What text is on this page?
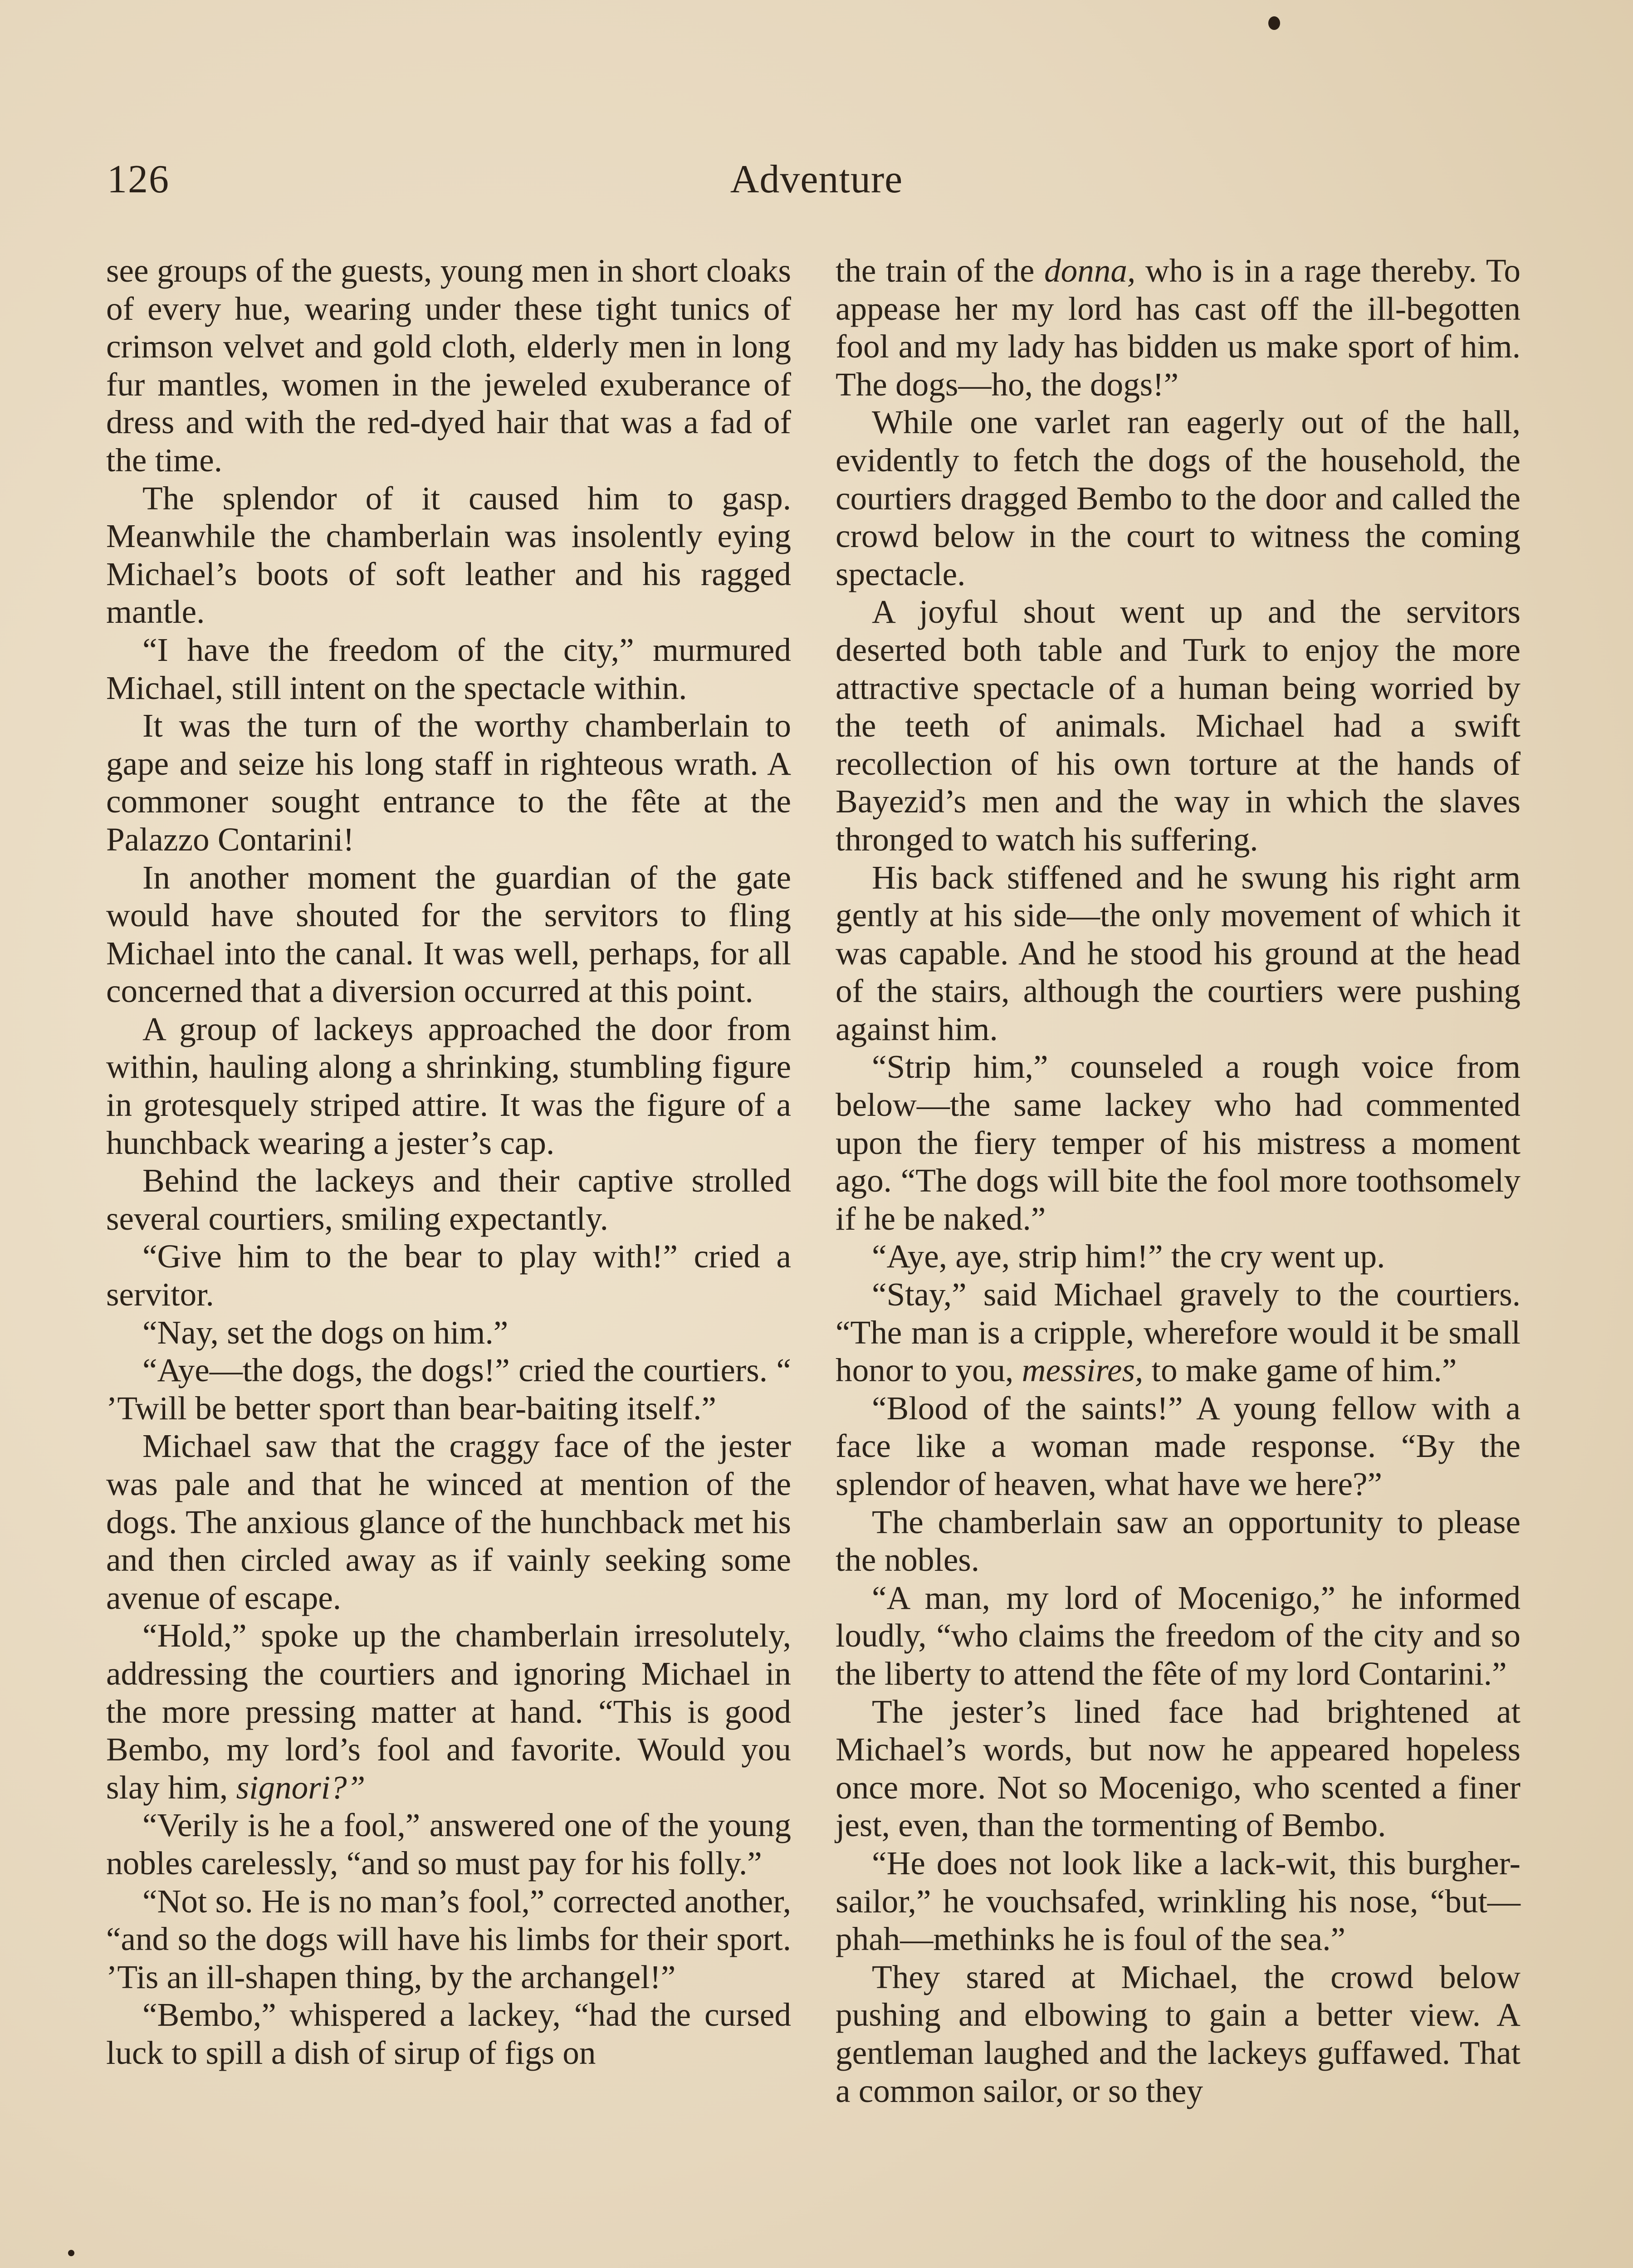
126	Adventure

see groups of the guests, young men in short cloaks of every hue, wearing under these tight tunics of crimson velvet and gold cloth, elderly men in long fur mantles, women in the jeweled exuberance of dress and with the red-dyed hair that was a fad of the time.

The splendor of it caused him to gasp. Meanwhile the chamberlain was insolently eying Michael’s boots of soft leather and his ragged mantle.

“I have the freedom of the city,” murmured Michael, still intent on the spectacle within.

It was the turn of the worthy chamberlain to gape and seize his long staff in righteous wrath. A commoner sought entrance to the fête at the Palazzo Contarini!

In another moment the guardian of the gate would have shouted for the servitors to fling Michael into the canal. It was well, perhaps, for all concerned that a diversion occurred at this point.

A group of lackeys approached the door from within, hauling along a shrinking, stumbling figure in grotesquely striped attire. It was the figure of a hunchback wearing a jester’s cap.

Behind the lackeys and their captive strolled several courtiers, smiling expectantly.

“Give him to the bear to play with!” cried a servitor.

“Nay, set the dogs on him.”

“Aye—the dogs, the dogs!” cried the courtiers. “ ’Twill be better sport than bear-baiting itself.”

Michael saw that the craggy face of the jester was pale and that he winced at mention of the dogs. The anxious glance of the hunchback met his and then circled away as if vainly seeking some avenue of escape.

“Hold,” spoke up the chamberlain irresolutely, addressing the courtiers and ignoring Michael in the more pressing matter at hand. “This is good Bembo, my lord’s fool and favorite. Would you slay him, signori?”

“Verily is he a fool,” answered one of the young nobles carelessly, “and so must pay for his folly.”

“Not so. He is no man’s fool,” corrected another, “and so the dogs will have his limbs for their sport. ’Tis an ill-shapen thing, by the archangel!”

“Bembo,” whispered a lackey, “had the cursed luck to spill a dish of sirup of figs on

the train of the donna, who is in a rage thereby. To appease her my lord has cast off the ill-begotten fool and my lady has bidden us make sport of him. The dogs—ho, the dogs!”

While one varlet ran eagerly out of the hall, evidently to fetch the dogs of the household, the courtiers dragged Bembo to the door and called the crowd below in the court to witness the coming spectacle.

A joyful shout went up and the servitors deserted both table and Turk to enjoy the more attractive spectacle of a human being worried by the teeth of animals. Michael had a swift recollection of his own torture at the hands of Bayezid’s men and the way in which the slaves thronged to watch his suffering.

His back stiffened and he swung his right arm gently at his side—the only movement of which it was capable. And he stood his ground at the head of the stairs, although the courtiers were pushing against him.

“Strip him,” counseled a rough voice from below—the same lackey who had commented upon the fiery temper of his mistress a moment ago. “The dogs will bite the fool more toothsomely if he be naked.”

“Aye, aye, strip him!” the cry went up.

“Stay,” said Michael gravely to the courtiers. “The man is a cripple, wherefore would it be small honor to you, messires, to make game of him.”

“Blood of the saints!” A young fellow with a face like a woman made response. “By the splendor of heaven, what have we here?”

The chamberlain saw an opportunity to please the nobles.

“A man, my lord of Mocenigo,” he informed loudly, “who claims the freedom of the city and so the liberty to attend the fête of my lord Contarini.”

The jester’s lined face had brightened at Michael’s words, but now he appeared hopeless once more. Not so Mocenigo, who scented a finer jest, even, than the tormenting of Bembo.

“He does not look like a lack-wit, this burgher-sailor,” he vouchsafed, wrinkling his nose, “but—phah—methinks he is foul of the sea.”

They stared at Michael, the crowd below pushing and elbowing to gain a better view. A gentleman laughed and the lackeys guffawed. That a common sailor, or so they
